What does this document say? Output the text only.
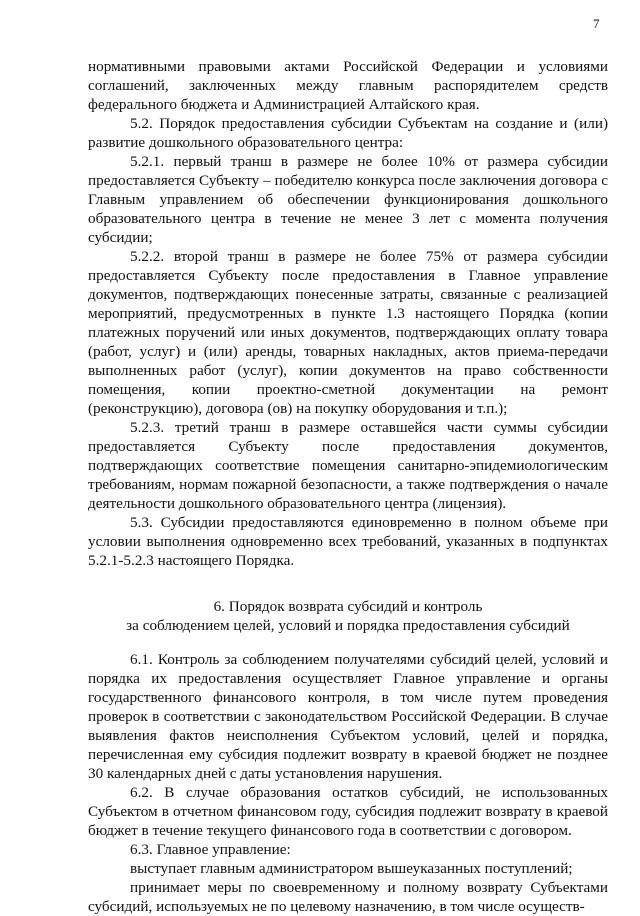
7

нормативными правовыми актами Российской Федерации и условиями соглашений, заключенных между главным распорядителем средств федерального бюджета и Администрацией Алтайского края.

5.2. Порядок предоставления субсидии Субъектам на создание и (или) развитие дошкольного образовательного центра:

5.2.1. первый транш в размере не более 10% от размера субсидии предоставляется Субъекту – победителю конкурса после заключения договора с Главным управлением об обеспечении функционирования дошкольного образовательного центра в течение не менее 3 лет с момента получения субсидии;

5.2.2. второй транш в размере не более 75% от размера субсидии предоставляется Субъекту после предоставления в Главное управление документов, подтверждающих понесенные затраты, связанные с реализацией мероприятий, предусмотренных в пункте 1.3 настоящего Порядка (копии платежных поручений или иных документов, подтверждающих оплату товара (работ, услуг) и (или) аренды, товарных накладных, актов приема-передачи выполненных работ (услуг), копии документов на право собственности помещения, копии проектно-сметной документации на ремонт (реконструкцию), договора (ов) на покупку оборудования и т.п.);

5.2.3. третий транш в размере оставшейся части суммы субсидии предоставляется Субъекту после предоставления документов, подтверждающих соответствие помещения санитарно-эпидемиологическим требованиям, нормам пожарной безопасности, а также подтверждения о начале деятельности дошкольного образовательного центра (лицензия).

5.3. Субсидии предоставляются единовременно в полном объеме при условии выполнения одновременно всех требований, указанных в подпунктах 5.2.1-5.2.3 настоящего Порядка.

6. Порядок возврата субсидий и контроль
за соблюдением целей, условий и порядка предоставления субсидий

6.1. Контроль за соблюдением получателями субсидий целей, условий и порядка их предоставления осуществляет Главное управление и органы государственного финансового контроля, в том числе путем проведения проверок в соответствии с законодательством Российской Федерации. В случае выявления фактов неисполнения Субъектом условий, целей и порядка, перечисленная ему субсидия подлежит возврату в краевой бюджет не позднее 30 календарных дней с даты установления нарушения.

6.2. В случае образования остатков субсидий, не использованных Субъектом в отчетном финансовом году, субсидия подлежит возврату в краевой бюджет в течение текущего финансового года в соответствии с договором.

6.3. Главное управление:

выступает главным администратором вышеуказанных поступлений;

принимает меры по своевременному и полному возврату Субъектами субсидий, используемых не по целевому назначению, в том числе осуществ-
